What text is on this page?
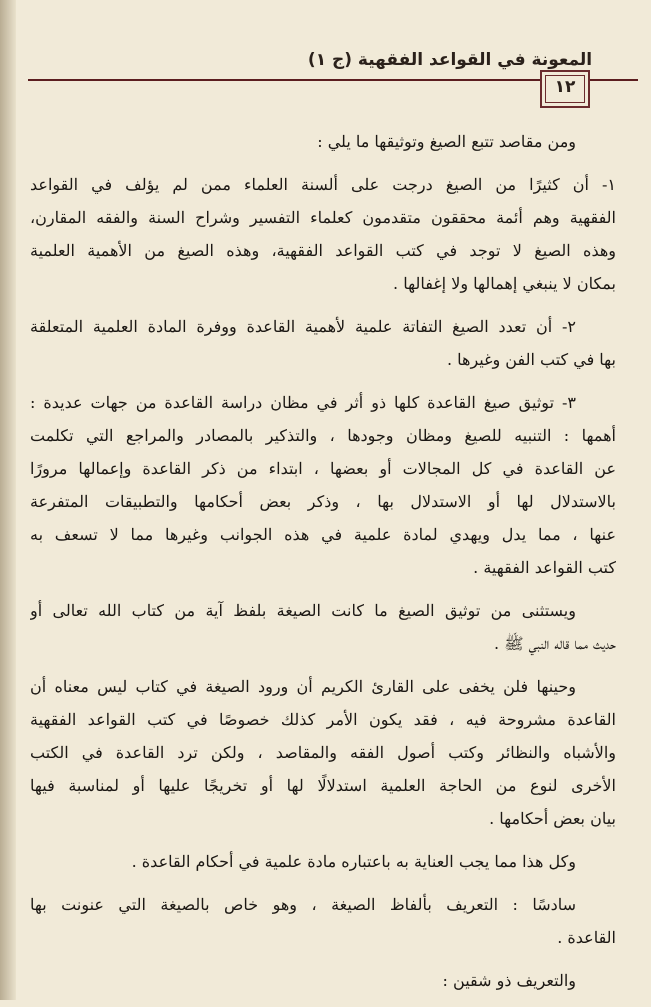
المعونة في القواعد الفقهية (ج ١)
١٢
ومن مقاصد تتبع الصيغ وتوثيقها ما يلي :
١- أن كثيرًا من الصيغ درجت على ألسنة العلماء ممن لم يؤلف في القواعد
الفقهية وهم أئمة محققون متقدمون كعلماء التفسير وشراح السنة والفقه المقارن،
وهذه الصيغ لا توجد في كتب القواعد الفقهية، وهذه الصيغ من الأهمية العلمية
بمكان لا ينبغي إهمالها ولا إغفالها .
٢- أن تعدد الصيغ التفاتة علمية لأهمية القاعدة ووفرة المادة العلمية المتعلقة
بها في كتب الفن وغيرها .
٣- توثيق صيغ القاعدة كلها ذو أثر في مظان دراسة القاعدة من جهات عديدة :
أهمها : التنبيه للصيغ ومظان وجودها ، والتذكير بالمصادر والمراجع التي تكلمت
عن القاعدة في كل المجالات أو بعضها ، ابتداء من ذكر القاعدة وإعمالها مرورًا
بالاستدلال لها أو الاستدلال بها ، وذكر بعض أحكامها والتطبيقات المتفرعة
عنها ، مما يدل ويهدي لمادة علمية في هذه الجوانب وغيرها مما لا تسعف به
كتب القواعد الفقهية .
ويستثنى من توثيق الصيغ ما كانت الصيغة بلفظ آية من كتاب الله تعالى أو
حديث مما قاله النبي ﷺ .
وحينها فلن يخفى على القارئ الكريم أن ورود الصيغة في كتاب ليس معناه أن
القاعدة مشروحة فيه ، فقد يكون الأمر كذلك خصوصًا في كتب القواعد الفقهية
والأشباه والنظائر وكتب أصول الفقه والمقاصد ، ولكن ترد القاعدة في الكتب
الأخرى لنوع من الحاجة العلمية استدلالًا لها أو تخريجًا عليها أو لمناسبة فيها
بيان بعض أحكامها .
وكل هذا مما يجب العناية به باعتباره مادة علمية في أحكام القاعدة .
سادسًا : التعريف بألفاظ الصيغة ، وهو خاص بالصيغة التي عنونت بها
القاعدة .
والتعريف ذو شقين :
